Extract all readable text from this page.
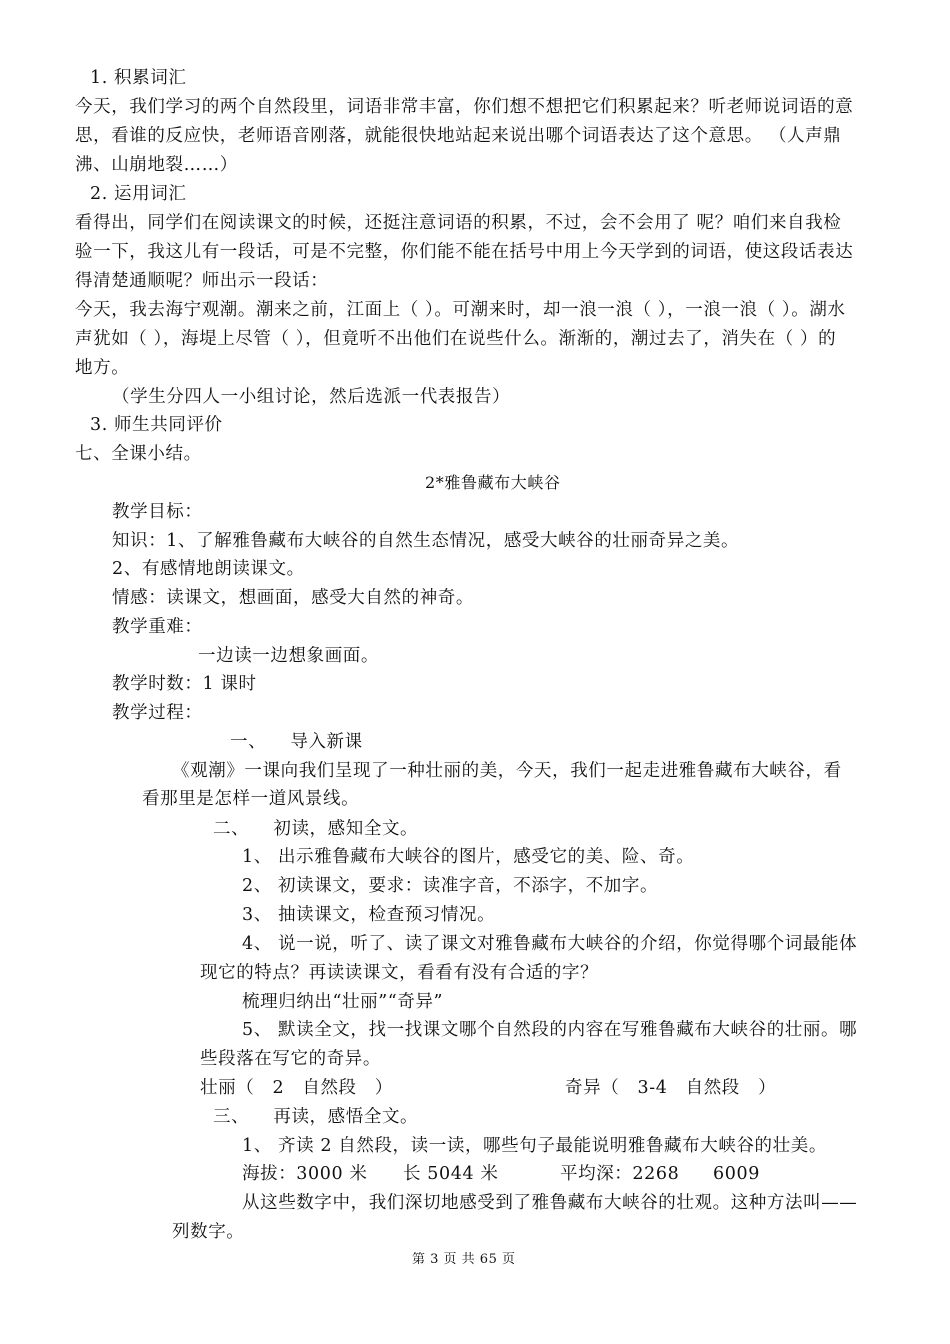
1. 积累词汇
今天，我们学习的两个自然段里，词语非常丰富，你们想不想把它们积累起来？听老师说词语的意
思，看谁的反应快，老师语音刚落，就能很快地站起来说出哪个词语表达了这个意思。 （人声鼎
沸、山崩地裂……）
2. 运用词汇
看得出，同学们在阅读课文的时候，还挺注意词语的积累，不过，会不会用了 呢？咱们来自我检
验一下，我这儿有一段话，可是不完整，你们能不能在括号中用上今天学到的词语，使这段话表达
得清楚通顺呢？师出示一段话：
今天，我去海宁观潮。潮来之前，江面上（ ）。可潮来时，却一浪一浪（ ），一浪一浪（ ）。湖水
声犹如（ ），海堤上尽管（ ），但竟听不出他们在说些什么。渐渐的，潮过去了，消失在（ ）的
地方。
（学生分四人一小组讨论，然后选派一代表报告）
3. 师生共同评价
七、全课小结。
2*雅鲁藏布大峡谷
教学目标：
知识：1、了解雅鲁藏布大峡谷的自然生态情况，感受大峡谷的壮丽奇异之美。
2、有感情地朗读课文。
情感：读课文，想画面，感受大自然的神奇。
教学重难：
一边读一边想象画面。
教学时数：1 课时
教学过程：
一、 导入新课
《观潮》一课向我们呈现了一种壮丽的美，今天，我们一起走进雅鲁藏布大峡谷，看
看那里是怎样一道风景线。
二、 初读，感知全文。
1、 出示雅鲁藏布大峡谷的图片，感受它的美、险、奇。
2、 初读课文，要求：读准字音，不添字，不加字。
3、 抽读课文，检查预习情况。
4、 说一说，听了、读了课文对雅鲁藏布大峡谷的介绍，你觉得哪个词最能体
现它的特点？再读读课文，看看有没有合适的字？
梳理归纳出“壮丽”“奇异”
5、 默读全文，找一找课文哪个自然段的内容在写雅鲁藏布大峡谷的壮丽。哪
些段落在写它的奇异。
壮丽（ 2 自然段 ）	奇异（ 3-4 自然段 ）
三、 再读，感悟全文。
1、 齐读 2 自然段，读一读，哪些句子最能说明雅鲁藏布大峡谷的壮美。
海拔：3000 米 长 5044 米	平均深：2268 6009
从这些数字中，我们深切地感受到了雅鲁藏布大峡谷的壮观。这种方法叫——
列数字。
第 3 页 共 65 页
